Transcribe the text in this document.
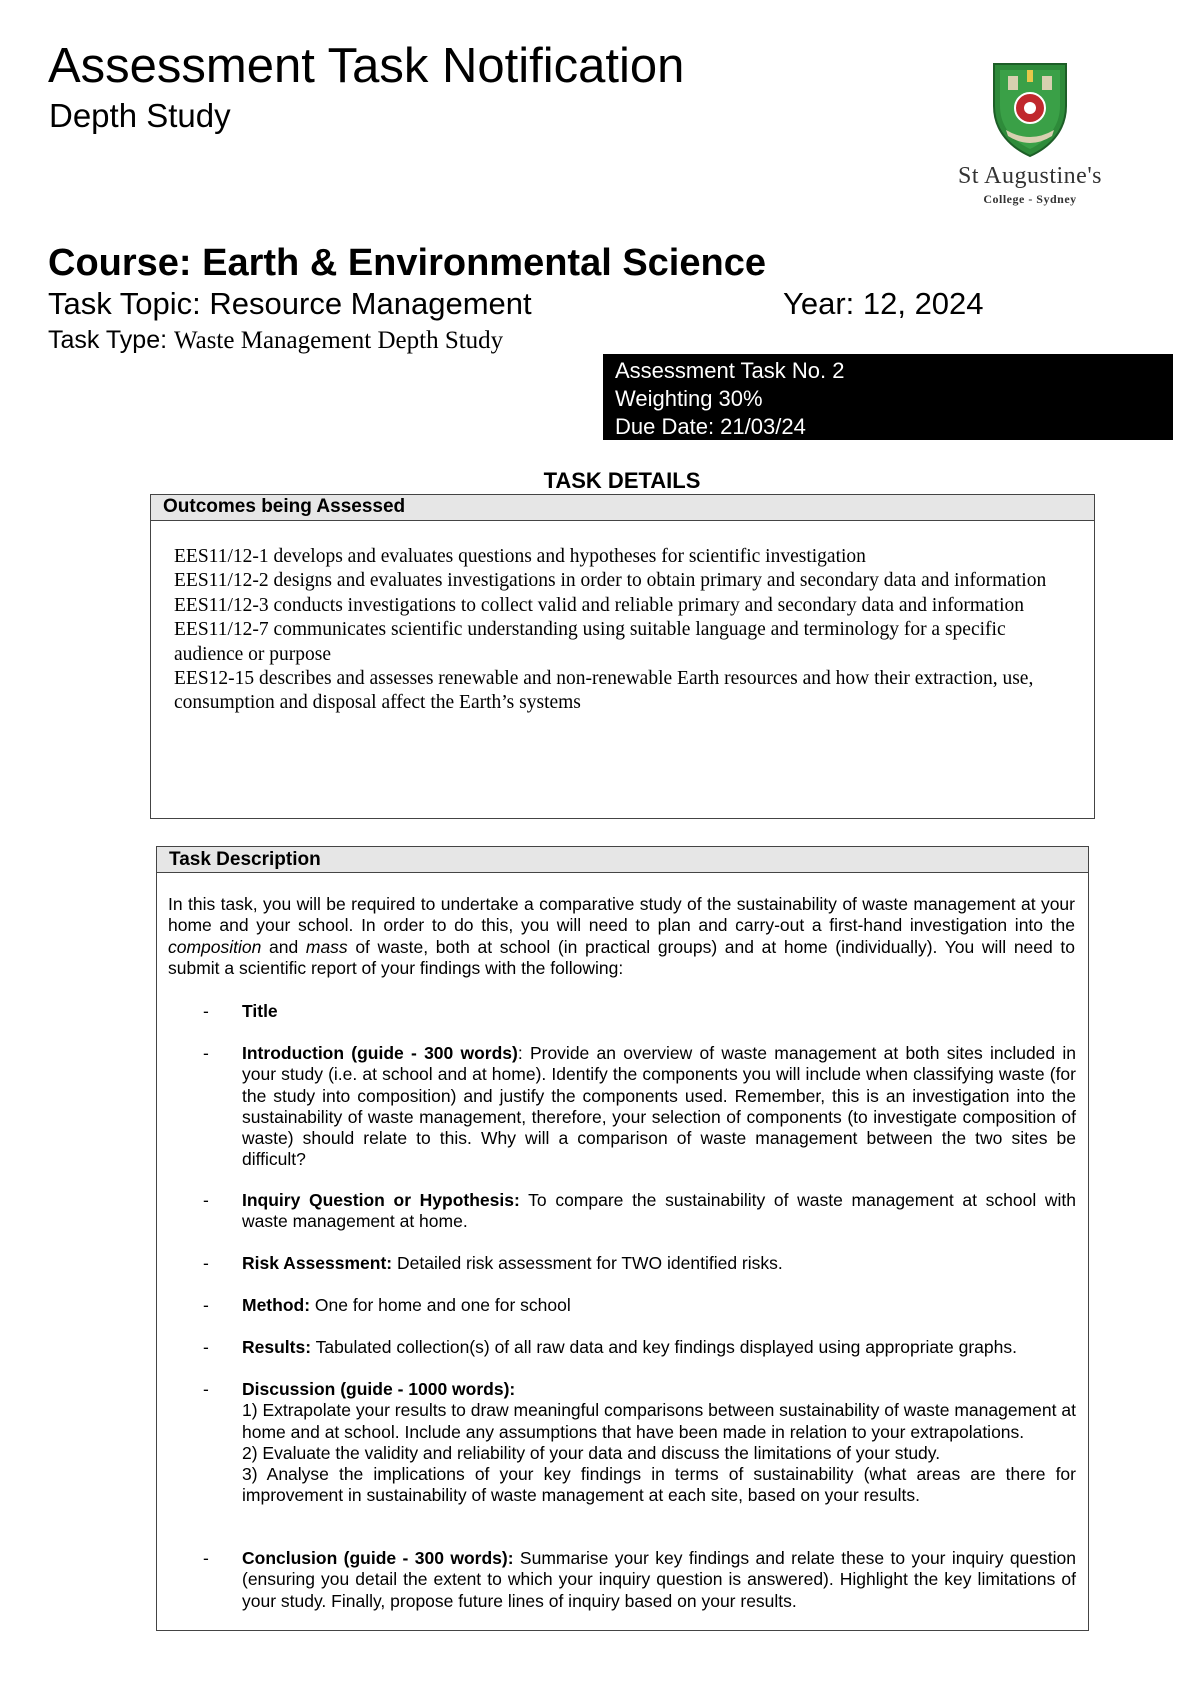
Assessment Task Notification
Depth Study
St Augustine's
College - Sydney
Course: Earth & Environmental Science
Task Topic: Resource Management	Year: 12, 2024
Task Type: Waste Management Depth Study
Assessment Task No. 2
Weighting 30%
Due Date: 21/03/24
TASK DETAILS
Outcomes being Assessed
EES11/12-1 develops and evaluates questions and hypotheses for scientific investigation
EES11/12-2 designs and evaluates investigations in order to obtain primary and secondary data and information
EES11/12-3 conducts investigations to collect valid and reliable primary and secondary data and information
EES11/12-7 communicates scientific understanding using suitable language and terminology for a specific audience or purpose
EES12-15 describes and assesses renewable and non-renewable Earth resources and how their extraction, use, consumption and disposal affect the Earth’s systems
Task Description
In this task, you will be required to undertake a comparative study of the sustainability of waste management at your home and your school. In order to do this, you will need to plan and carry-out a first-hand investigation into the composition and mass of waste, both at school (in practical groups) and at home (individually). You will need to submit a scientific report of your findings with the following:
- Title
- Introduction (guide - 300 words): Provide an overview of waste management at both sites included in your study (i.e. at school and at home). Identify the components you will include when classifying waste (for the study into composition) and justify the components used. Remember, this is an investigation into the sustainability of waste management, therefore, your selection of components (to investigate composition of waste) should relate to this. Why will a comparison of waste management between the two sites be difficult?
- Inquiry Question or Hypothesis: To compare the sustainability of waste management at school with waste management at home.
- Risk Assessment: Detailed risk assessment for TWO identified risks.
- Method: One for home and one for school
- Results: Tabulated collection(s) of all raw data and key findings displayed using appropriate graphs.
- Discussion (guide - 1000 words):
1) Extrapolate your results to draw meaningful comparisons between sustainability of waste management at home and at school. Include any assumptions that have been made in relation to your extrapolations.
2) Evaluate the validity and reliability of your data and discuss the limitations of your study.
3) Analyse the implications of your key findings in terms of sustainability (what areas are there for improvement in sustainability of waste management at each site, based on your results.
- Conclusion (guide - 300 words): Summarise your key findings and relate these to your inquiry question (ensuring you detail the extent to which your inquiry question is answered). Highlight the key limitations of your study. Finally, propose future lines of inquiry based on your results.
